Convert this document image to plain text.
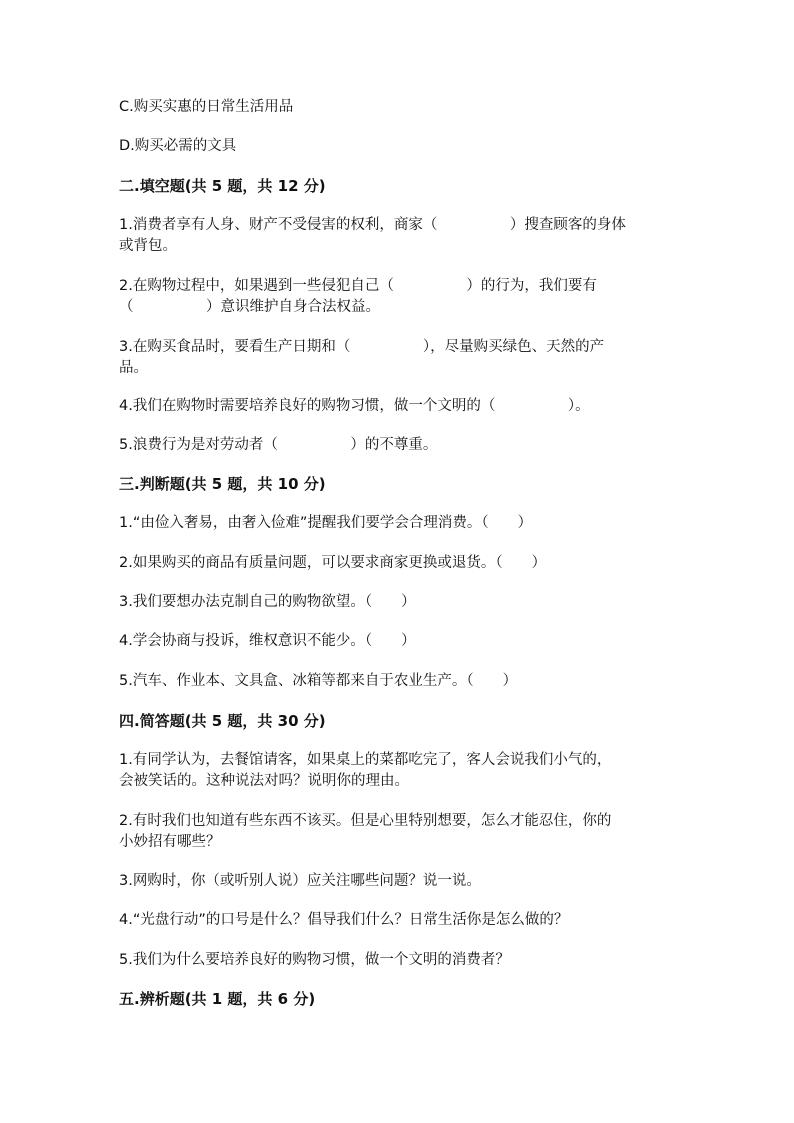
C.购买实惠的日常生活用品
D.购买必需的文具
二.填空题(共 5 题，共 12 分)
1.消费者享有人身、财产不受侵害的权利，商家（　　　　　）搜查顾客的身体
或背包。
2.在购物过程中，如果遇到一些侵犯自己（　　　　　）的行为，我们要有
（　　　　　）意识维护自身合法权益。
3.在购买食品时，要看生产日期和（　　　　　），尽量购买绿色、天然的产
品。
4.我们在购物时需要培养良好的购物习惯，做一个文明的（　　　　　）。
5.浪费行为是对劳动者（　　　　　）的不尊重。
三.判断题(共 5 题，共 10 分)
1.“由俭入奢易，由奢入俭难”提醒我们要学会合理消费。（　　）
2.如果购买的商品有质量问题，可以要求商家更换或退货。（　　）
3.我们要想办法克制自己的购物欲望。（　　）
4.学会协商与投诉，维权意识不能少。（　　）
5.汽车、作业本、文具盒、冰箱等都来自于农业生产。（　　）
四.简答题(共 5 题，共 30 分)
1.有同学认为，去餐馆请客，如果桌上的菜都吃完了，客人会说我们小气的，
会被笑话的。这种说法对吗？说明你的理由。
2.有时我们也知道有些东西不该买。但是心里特别想要，怎么才能忍住，你的
小妙招有哪些？
3.网购时，你（或听别人说）应关注哪些问题？说一说。
4.“光盘行动”的口号是什么？倡导我们什么？日常生活你是怎么做的？
5.我们为什么要培养良好的购物习惯，做一个文明的消费者？
五.辨析题(共 1 题，共 6 分)
